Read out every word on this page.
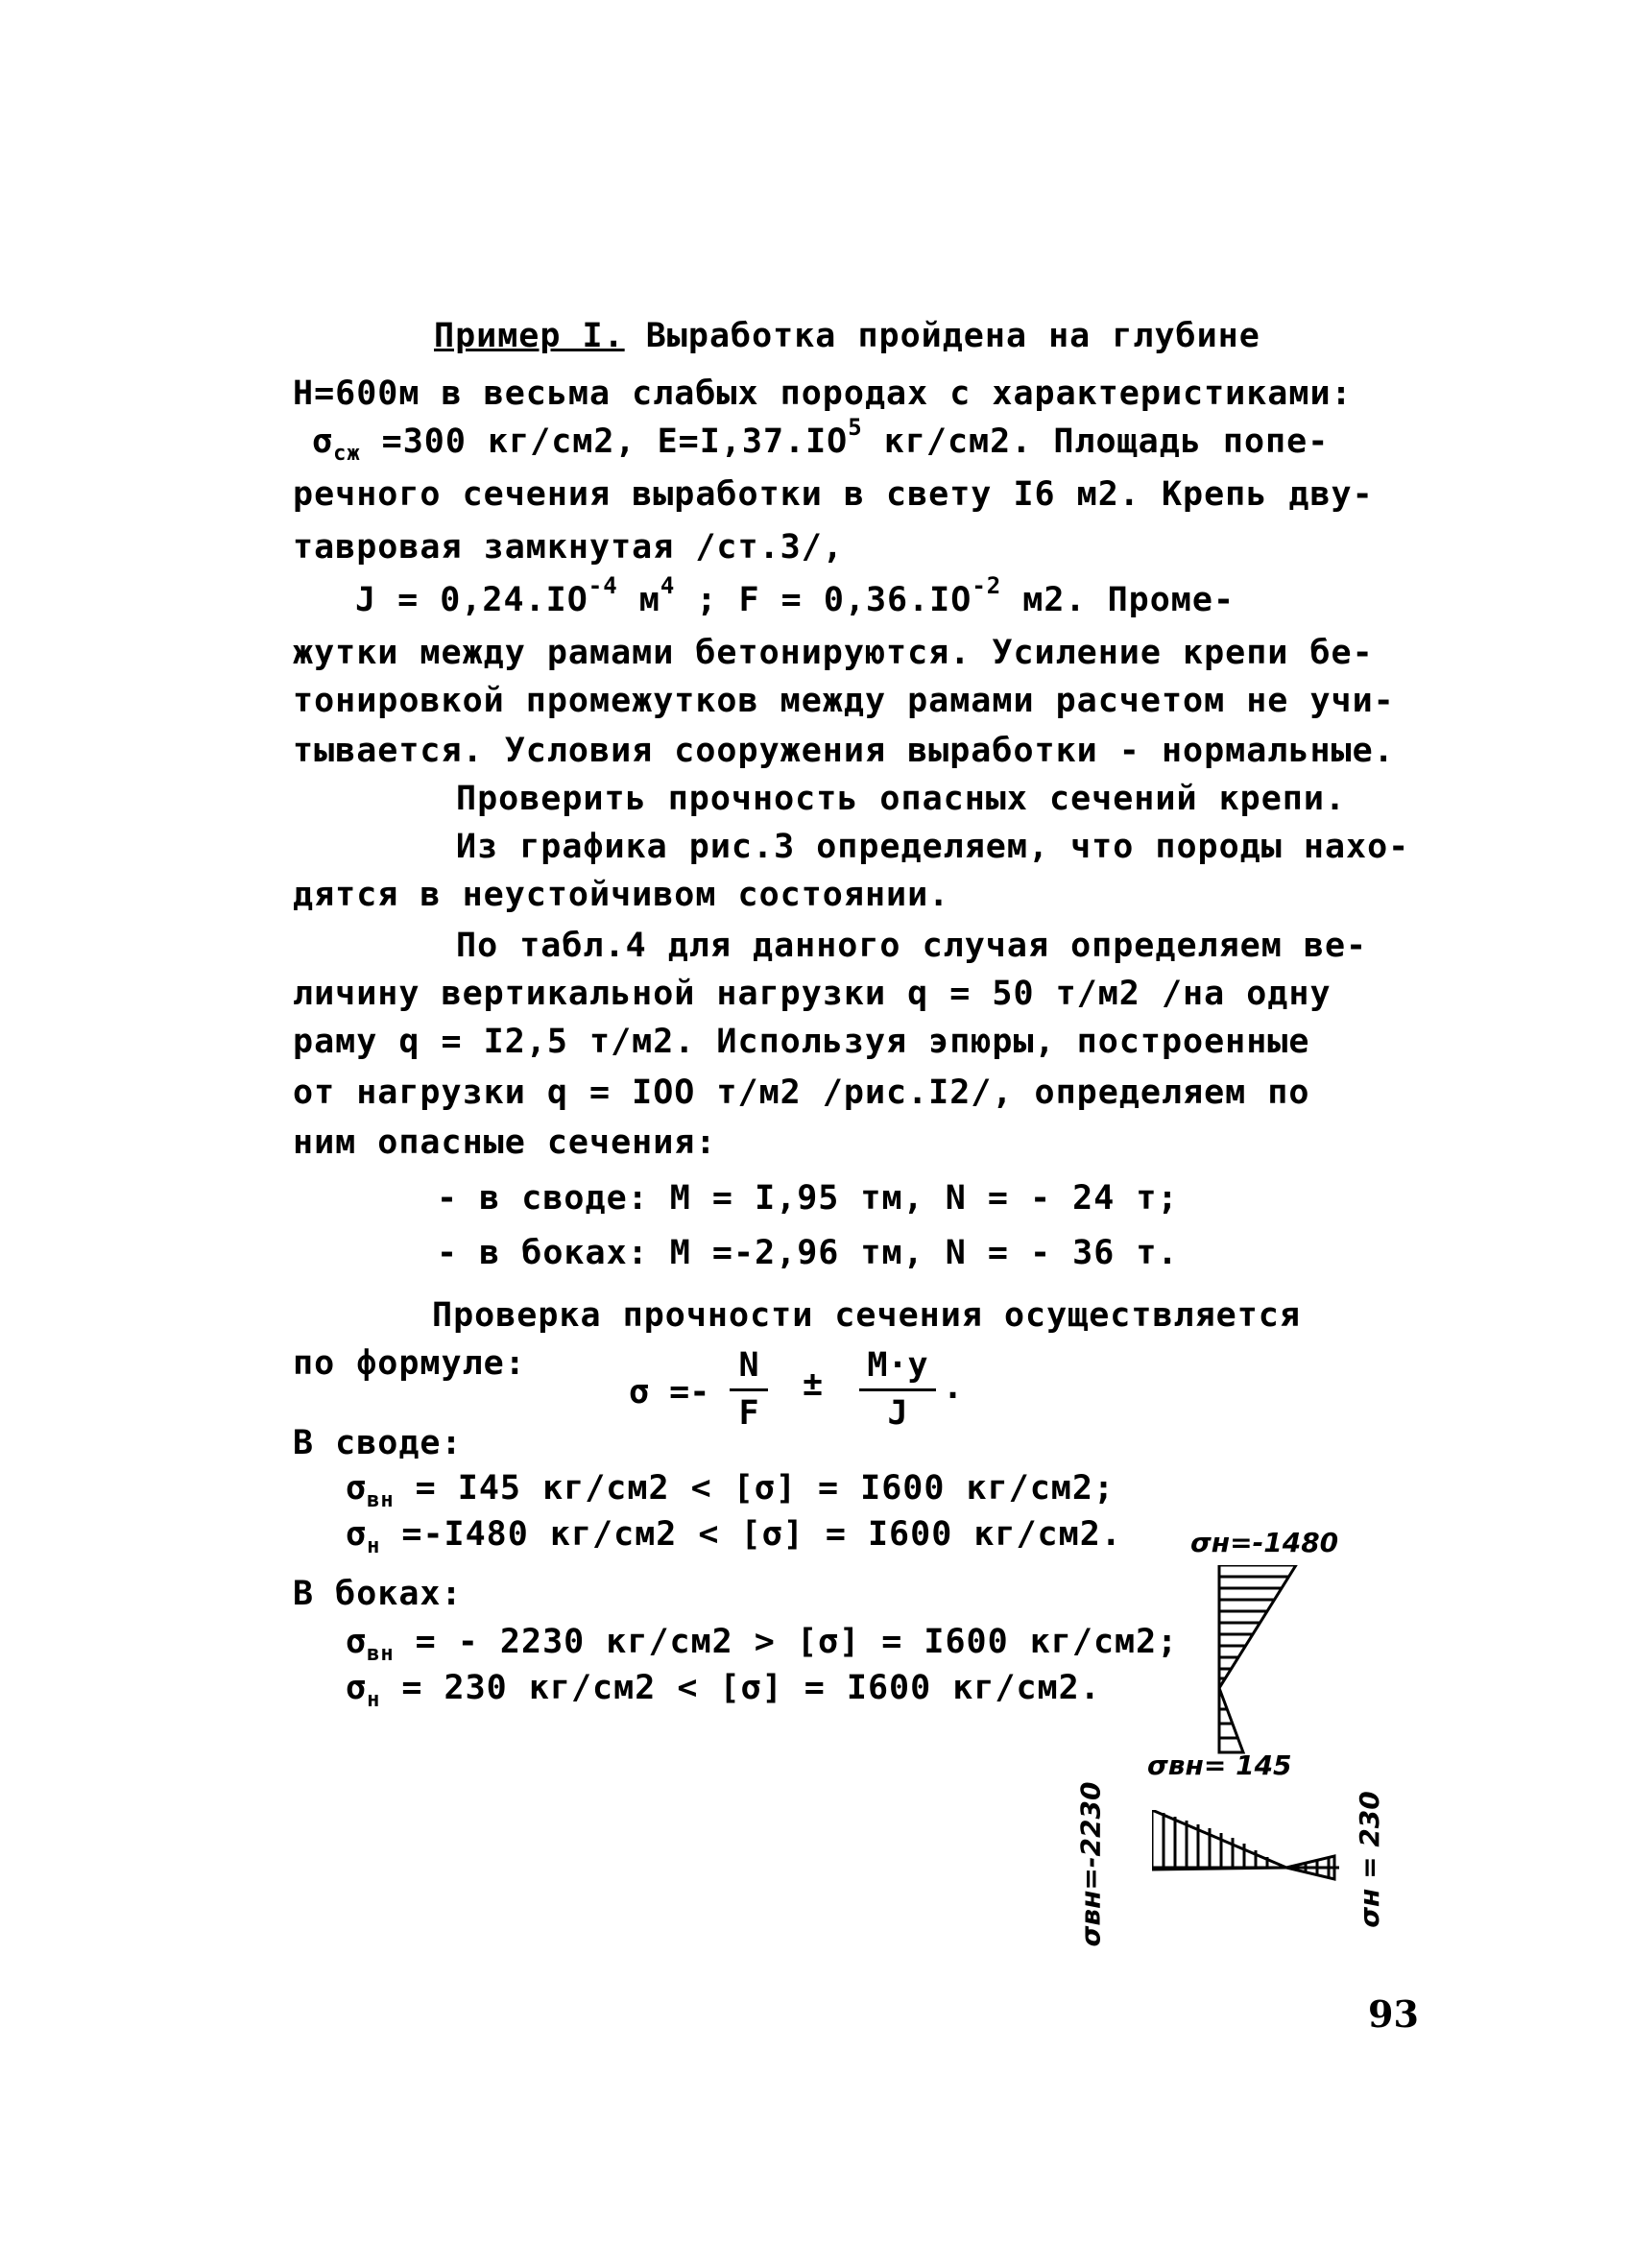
Пример I. Выработка пройдена на глубине
Н=600м в весьма слабых породах с характеристиками:
$\sigma_{сж} =300$ кг/см2, $E=I,37.IO^5$ кг/см2. Площадь попе-
речного сечения выработки в свету I6 м2. Крепь дву-
тавровая замкнутая /ст.3/,
$J = 0,24.IO^{-4}$ $м^4$ ; $F = 0,36.IO^{-2}$ м2. Проме-
жутки между рамами бетонируются. Усиление крепи бе-
тонировкой промежутков между рамами расчетом не учи-
тывается. Условия сооружения выработки - нормальные.
Проверить прочность опасных сечений крепи.
Из графика рис.3 определяем, что породы нахо-
дятся в неустойчивом состоянии.
По табл.4 для данного случая определяем ве-
личину вертикальной нагрузки q = 50 т/м2 /на одну
раму q = I2,5 т/м2. Используя эпюры, построенные
от нагрузки q = IOO т/м2 /рис.I2/, определяем по
ним опасные сечения:
- в своде: М = I,95 тм, N = - 24 т;
- в боках: М =-2,96 тм, N = - 36 т.
Проверка прочности сечения осуществляется
по формуле:
σ =-
N
F
± M·y
J
.
В своде:
$\sigma_{вн} = I45$ кг/см2 < [σ] = I600 кг/см2;
$\sigma_н =-I480$ кг/см2 < [σ] = I600 кг/см2.
В боках:
$\sigma_{вн}$ = - 2230 кг/см2 > [σ] = I600 кг/см2;
$\sigma_н = 230$ кг/см2 < [σ] = I600 кг/см2.
σн=-1480
σвн= 145
σвн=-2230	σн = 230
93
